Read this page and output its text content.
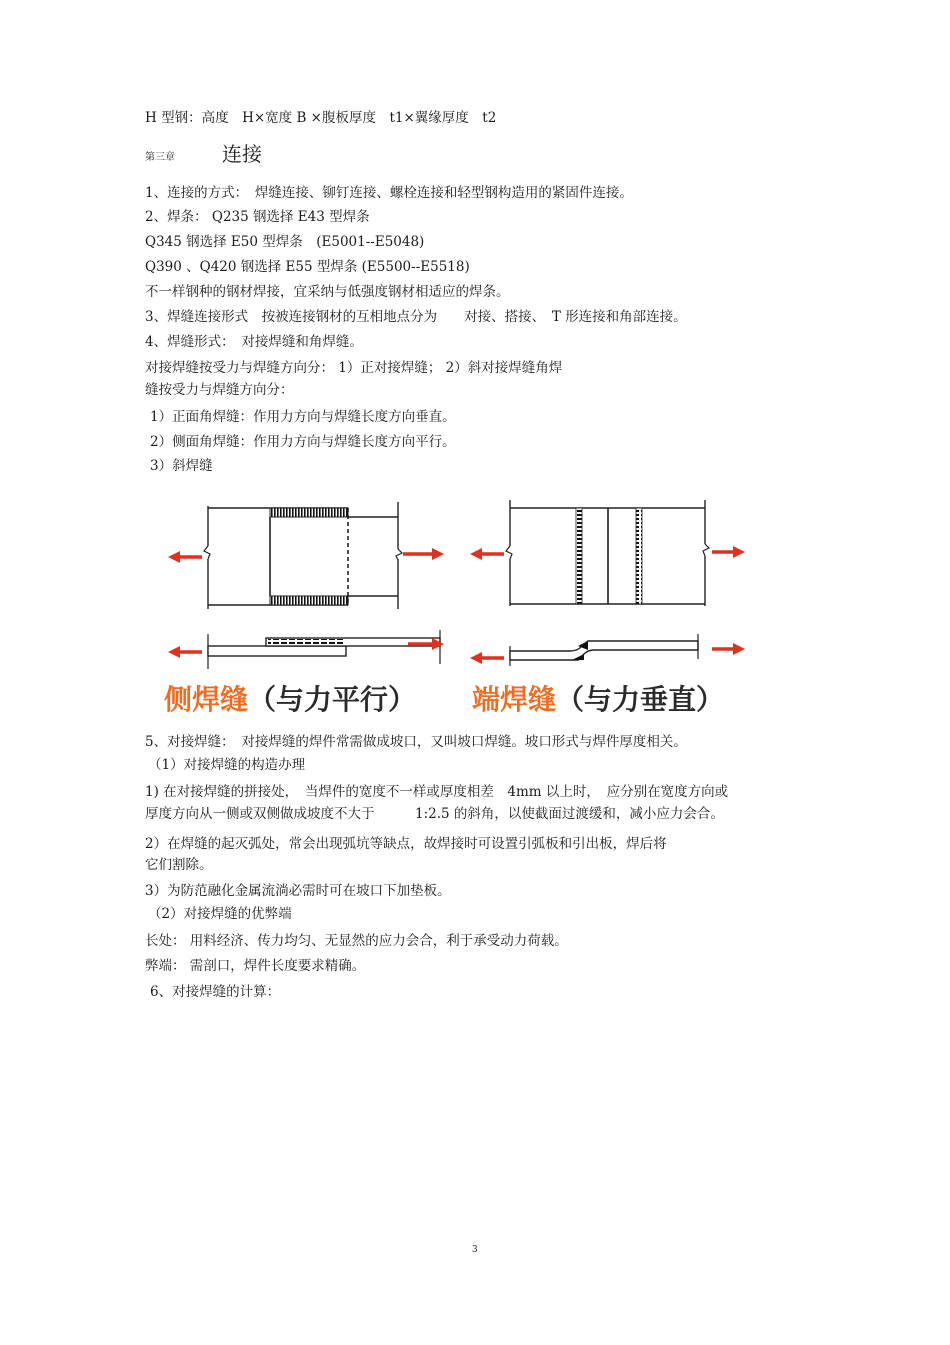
H 型钢：高度　H×宽度 B ×腹板厚度　t1×翼缘厚度　t2
第三章 连接
1、连接的方式：　焊缝连接、铆钉连接、螺栓连接和轻型钢构造用的紧固件连接。
2、焊条： Q235 钢选择 E43 型焊条
Q345 钢选择 E50 型焊条　(E5001--E5048)
Q390 、Q420 钢选择 E55 型焊条 (E5500--E5518)
不一样钢种的钢材焊接，宜采纳与低强度钢材相适应的焊条。
3、焊缝连接形式　按被连接钢材的互相地点分为　　对接、搭接、　T 形连接和角部连接。
4、焊缝形式：　对接焊缝和角焊缝。
对接焊缝按受力与焊缝方向分： 1）正对接焊缝； 2）斜对接焊缝角焊
缝按受力与焊缝方向分：
1）正面角焊缝：作用力方向与焊缝长度方向垂直。
2）侧面角焊缝：作用力方向与焊缝长度方向平行。
3）斜焊缝
侧焊缝（与力平行） 端焊缝（与力垂直）
5、对接焊缝：　对接焊缝的焊件常需做成坡口，又叫坡口焊缝。坡口形式与焊件厚度相关。
（1）对接焊缝的构造办理
1) 在对接焊缝的拼接处，　当焊件的宽度不一样或厚度相差　4mm 以上时，　应分别在宽度方向或
厚度方向从一侧或双侧做成坡度不大于　　　1:2.5 的斜角，以使截面过渡缓和，减小应力会合。
2）在焊缝的起灭弧处，常会出现弧坑等缺点，故焊接时可设置引弧板和引出板，焊后将
它们割除。
3）为防范融化金属流淌必需时可在坡口下加垫板。
（2）对接焊缝的优弊端
长处： 用料经济、传力均匀、无显然的应力会合，利于承受动力荷载。
弊端： 需剖口，焊件长度要求精确。
6、对接焊缝的计算：
3
